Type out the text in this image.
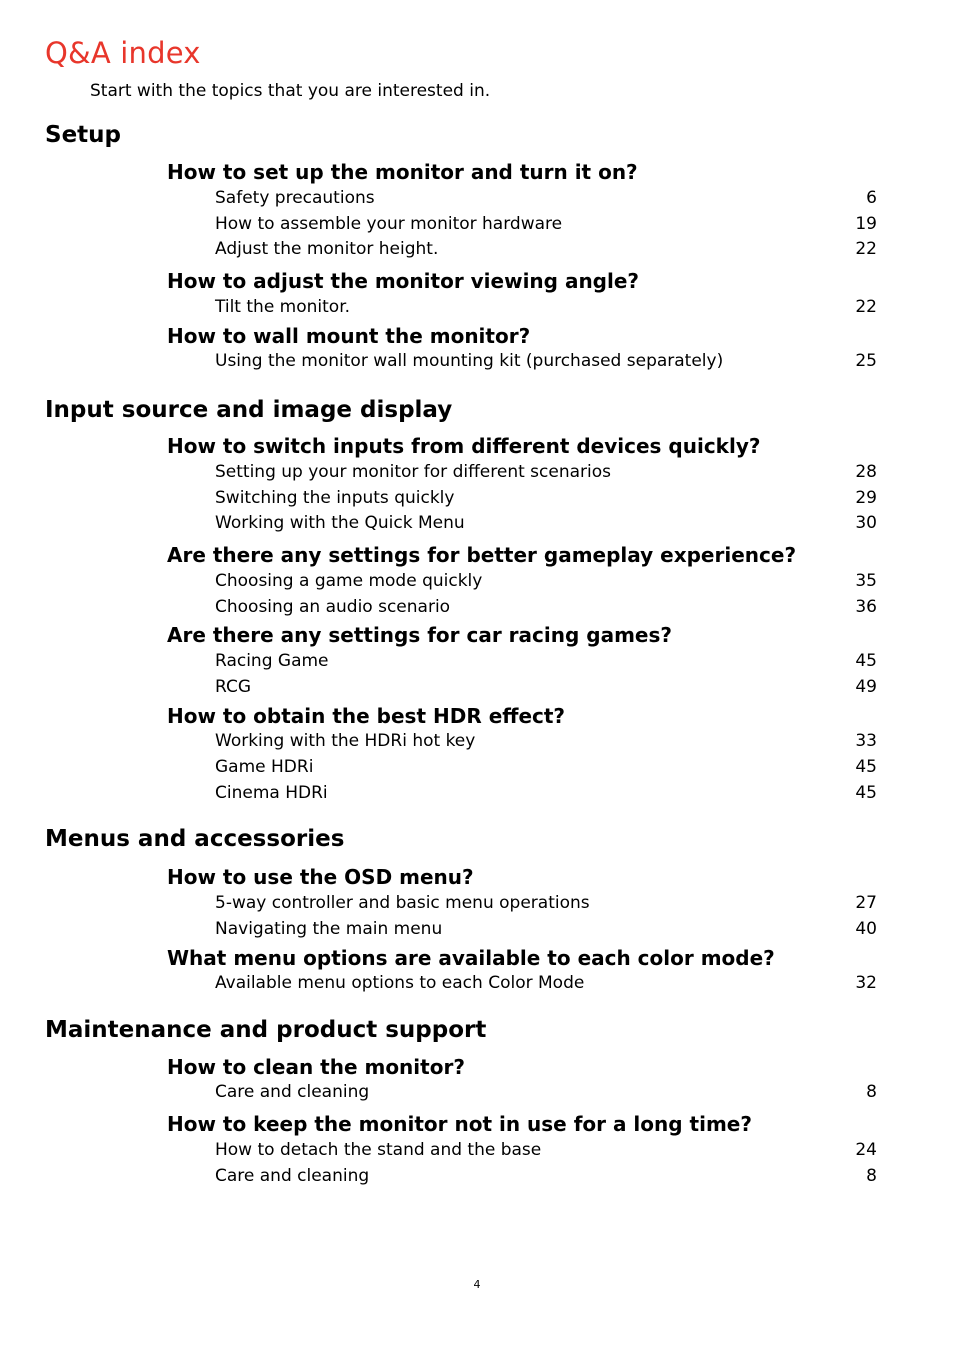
Q&A index

Start with the topics that you are interested in.

Setup
How to set up the monitor and turn it on?
Safety precautions	6
How to assemble your monitor hardware	19
Adjust the monitor height.	22
How to adjust the monitor viewing angle?
Tilt the monitor.	22
How to wall mount the monitor?
Using the monitor wall mounting kit (purchased separately)	25
Input source and image display
How to switch inputs from different devices quickly?
Setting up your monitor for different scenarios	28
Switching the inputs quickly	29
Working with the Quick Menu	30
Are there any settings for better gameplay experience?
Choosing a game mode quickly	35
Choosing an audio scenario	36
Are there any settings for car racing games?
Racing Game	45
RCG	49
How to obtain the best HDR effect?
Working with the HDRi hot key	33
Game HDRi	45
Cinema HDRi	45
Menus and accessories
How to use the OSD menu?
5-way controller and basic menu operations	27
Navigating the main menu	40
What menu options are available to each color mode?
Available menu options to each Color Mode	32
Maintenance and product support
How to clean the monitor?
Care and cleaning	8
How to keep the monitor not in use for a long time?
How to detach the stand and the base	24
Care and cleaning	8
4
